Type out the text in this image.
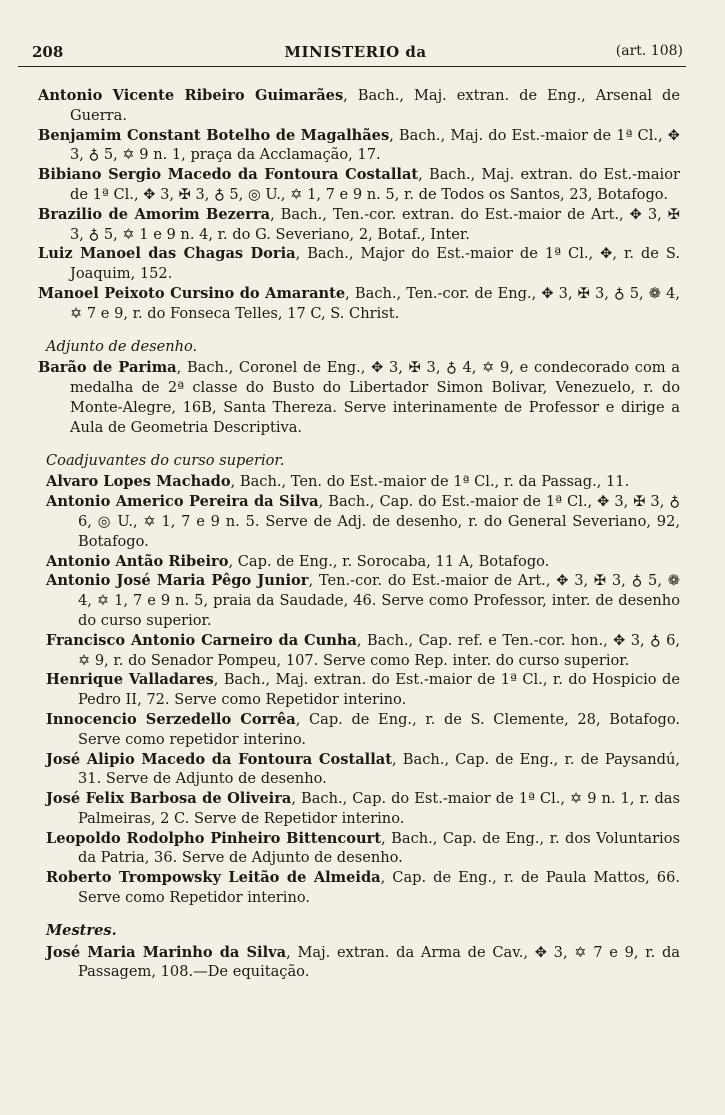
208	MINISTERIO da	(art. 108)

Antonio Vicente Ribeiro Guimarães, Bach., Maj. extran. de Eng., Arsenal de Guerra.

Benjamim Constant Botelho de Magalhães, Bach., Maj. do Est.-maior de 1ª Cl., ✥ 3, ♁ 5, ✡ 9 n. 1, praça da Acclamação, 17.

Bibiano Sergio Macedo da Fontoura Costallat, Bach., Maj. extran. do Est.-maior de 1ª Cl., ✥ 3, ✠ 3, ♁ 5, ◎ U., ✡ 1, 7 e 9 n. 5, r. de Todos os Santos, 23, Botafogo.

Brazilio de Amorim Bezerra, Bach., Ten.-cor. extran. do Est.-maior de Art., ✥ 3, ✠ 3, ♁ 5, ✡ 1 e 9 n. 4, r. do G. Severiano, 2, Botaf., Inter.

Luiz Manoel das Chagas Doria, Bach., Major do Est.-maior de 1ª Cl., ✥, r. de S. Joaquim, 152.

Manoel Peixoto Cursino do Amarante, Bach., Ten.-cor. de Eng., ✥ 3, ✠ 3, ♁ 5, ❁ 4, ✡ 7 e 9, r. do Fonseca Telles, 17 C, S. Christ.

Adjunto de desenho.

Barão de Parima, Bach., Coronel de Eng., ✥ 3, ✠ 3, ♁ 4, ✡ 9, e condecorado com a medalha de 2ª classe do Busto do Libertador Simon Bolivar, Venezuelo, r. do Monte-Alegre, 16B, Santa Thereza. Serve interinamente de Professor e dirige a Aula de Geometria Descriptiva.

Coadjuvantes do curso superior.

Alvaro Lopes Machado, Bach., Ten. do Est.-maior de 1ª Cl., r. da Passag., 11.

Antonio Americo Pereira da Silva, Bach., Cap. do Est.-maior de 1ª Cl., ✥ 3, ✠ 3, ♁ 6, ◎ U., ✡ 1, 7 e 9 n. 5. Serve de Adj. de desenho, r. do General Severiano, 92, Botafogo.

Antonio Antão Ribeiro, Cap. de Eng., r. Sorocaba, 11 A, Botafogo.

Antonio José Maria Pêgo Junior, Ten.-cor. do Est.-maior de Art., ✥ 3, ✠ 3, ♁ 5, ❁ 4, ✡ 1, 7 e 9 n. 5, praia da Saudade, 46. Serve como Professor, inter. de desenho do curso superior.

Francisco Antonio Carneiro da Cunha, Bach., Cap. ref. e Ten.-cor. hon., ✥ 3, ♁ 6, ✡ 9, r. do Senador Pompeu, 107. Serve como Rep. inter. do curso superior.

Henrique Valladares, Bach., Maj. extran. do Est.-maior de 1ª Cl., r. do Hospicio de Pedro II, 72. Serve como Repetidor interino.

Innocencio Serzedello Corrêa, Cap. de Eng., r. de S. Clemente, 28, Botafogo. Serve como repetidor interino.

José Alipio Macedo da Fontoura Costallat, Bach., Cap. de Eng., r. de Paysandú, 31. Serve de Adjunto de desenho.

José Felix Barbosa de Oliveira, Bach., Cap. do Est.-maior de 1ª Cl., ✡ 9 n. 1, r. das Palmeiras, 2 C. Serve de Repetidor interino.

Leopoldo Rodolpho Pinheiro Bittencourt, Bach., Cap. de Eng., r. dos Voluntarios da Patria, 36. Serve de Adjunto de desenho.

Roberto Trompowsky Leitão de Almeida, Cap. de Eng., r. de Paula Mattos, 66. Serve como Repetidor interino.

Mestres.

José Maria Marinho da Silva, Maj. extran. da Arma de Cav., ✥ 3, ✡ 7 e 9, r. da Passagem, 108.—De equitação.
